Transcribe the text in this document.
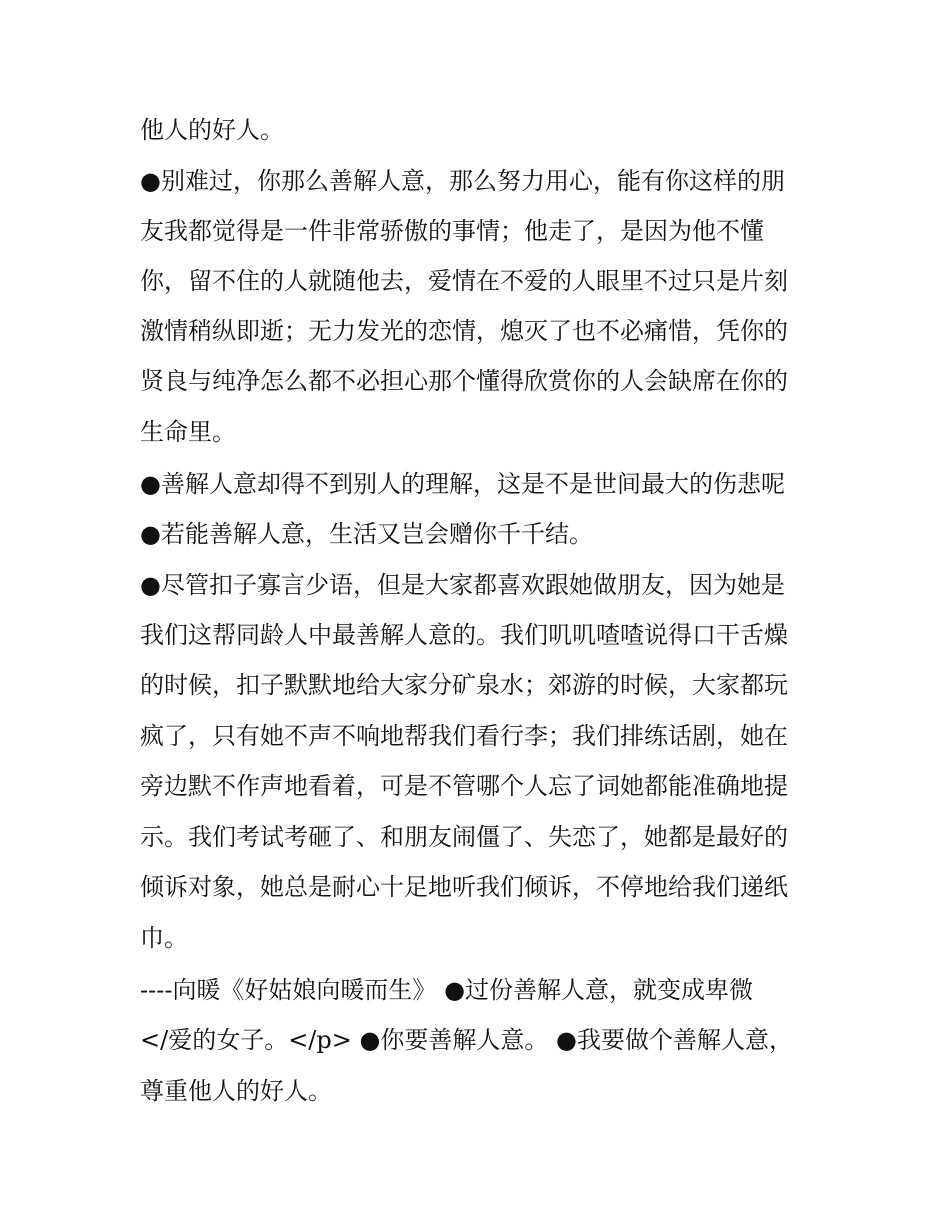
他人的好人。
●别难过，你那么善解人意，那么努力用心，能有你这样的朋
友我都觉得是一件非常骄傲的事情；他走了，是因为他不懂
你，留不住的人就随他去，爱情在不爱的人眼里不过只是片刻
激情稍纵即逝；无力发光的恋情，熄灭了也不必痛惜，凭你的
贤良与纯净怎么都不必担心那个懂得欣赏你的人会缺席在你的
生命里。
●善解人意却得不到别人的理解，这是不是世间最大的伤悲呢
●若能善解人意，生活又岂会赠你千千结。
●尽管扣子寡言少语，但是大家都喜欢跟她做朋友，因为她是
我们这帮同龄人中最善解人意的。我们叽叽喳喳说得口干舌燥
的时候，扣子默默地给大家分矿泉水；郊游的时候，大家都玩
疯了，只有她不声不响地帮我们看行李；我们排练话剧，她在
旁边默不作声地看着，可是不管哪个人忘了词她都能准确地提
示。我们考试考砸了、和朋友闹僵了、失恋了，她都是最好的
倾诉对象，她总是耐心十足地听我们倾诉，不停地给我们递纸
巾。
----向暖《好姑娘向暖而生》 ●过份善解人意，就变成卑微
</爱的女子。</p> ●你要善解人意。 ●我要做个善解人意，
尊重他人的好人。
